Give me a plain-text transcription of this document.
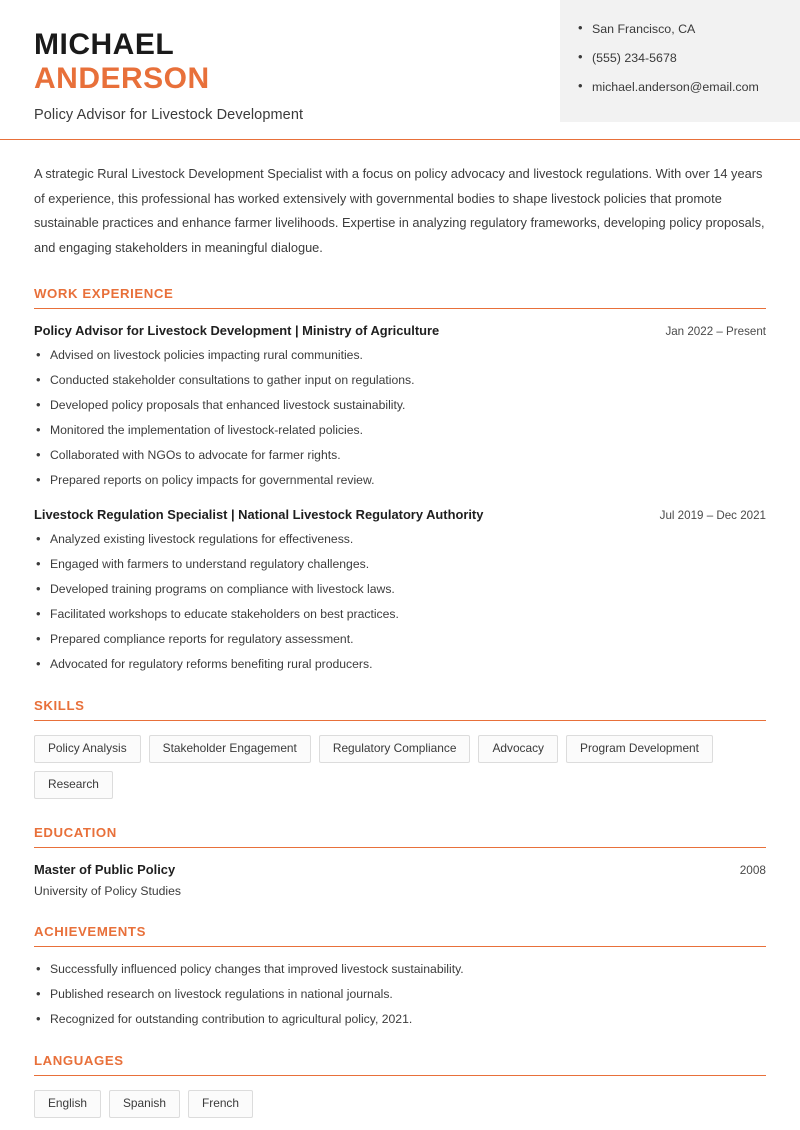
MICHAEL
ANDERSON
Policy Advisor for Livestock Development
• San Francisco, CA
• (555) 234-5678
• michael.anderson@email.com

A strategic Rural Livestock Development Specialist with a focus on policy advocacy and livestock regulations. With over 14 years of experience, this professional has worked extensively with governmental bodies to shape livestock policies that promote sustainable practices and enhance farmer livelihoods. Expertise in analyzing regulatory frameworks, developing policy proposals, and engaging stakeholders in meaningful dialogue.

WORK EXPERIENCE
Policy Advisor for Livestock Development | Ministry of Agriculture	Jan 2022 – Present
• Advised on livestock policies impacting rural communities.
• Conducted stakeholder consultations to gather input on regulations.
• Developed policy proposals that enhanced livestock sustainability.
• Monitored the implementation of livestock-related policies.
• Collaborated with NGOs to advocate for farmer rights.
• Prepared reports on policy impacts for governmental review.
Livestock Regulation Specialist | National Livestock Regulatory Authority	Jul 2019 – Dec 2021
• Analyzed existing livestock regulations for effectiveness.
• Engaged with farmers to understand regulatory challenges.
• Developed training programs on compliance with livestock laws.
• Facilitated workshops to educate stakeholders on best practices.
• Prepared compliance reports for regulatory assessment.
• Advocated for regulatory reforms benefiting rural producers.
SKILLS
Policy Analysis	Stakeholder Engagement	Regulatory Compliance	Advocacy	Program Development
Research
EDUCATION
Master of Public Policy	2008
University of Policy Studies
ACHIEVEMENTS
• Successfully influenced policy changes that improved livestock sustainability.
• Published research on livestock regulations in national journals.
• Recognized for outstanding contribution to agricultural policy, 2021.
LANGUAGES
English	Spanish	French
